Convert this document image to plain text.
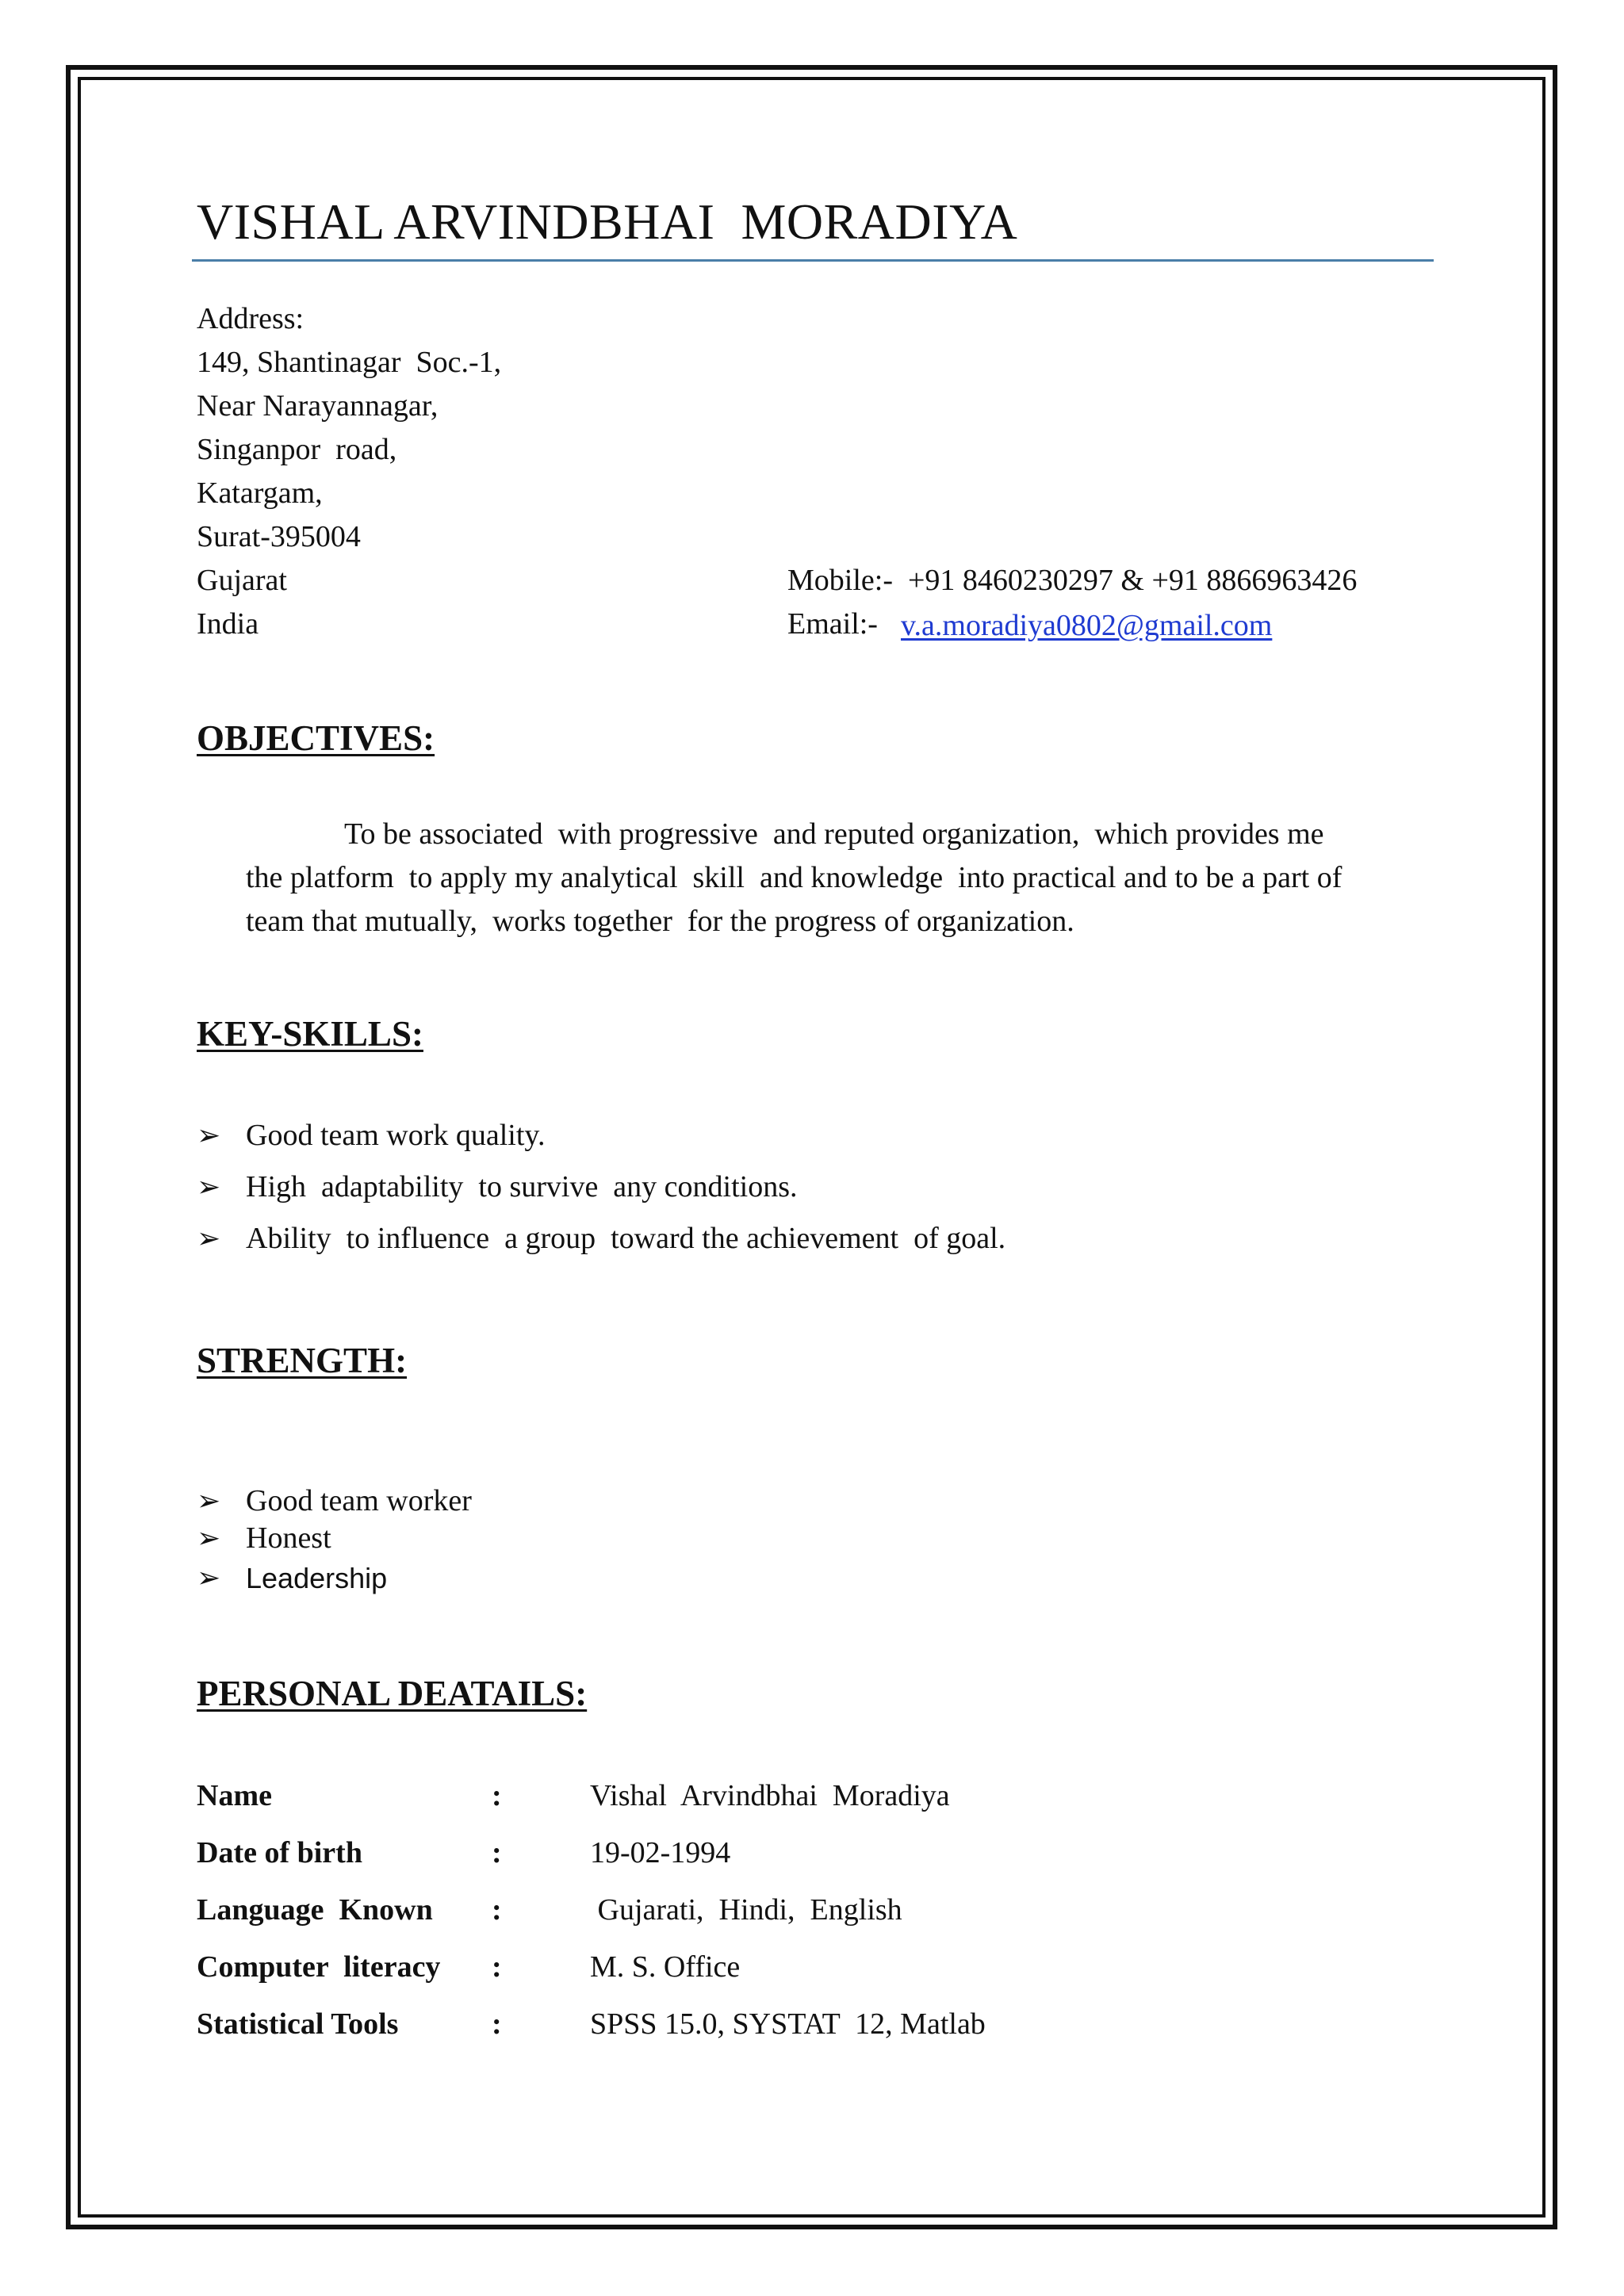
VISHAL ARVINDBHAI  MORADIYA
Address:
149, Shantinagar  Soc.-1,
Near Narayannagar,
Singanpor  road,
Katargam,
Surat-395004
Gujarat
India
Mobile:- +91 8460230297 & +91 8866963426
Email:- v.a.moradiya0802@gmail.com
OBJECTIVES:
To be associated  with progressive  and reputed organization,  which provides me
the platform  to apply my analytical  skill  and knowledge  into practical and to be a part of
team that mutually,  works together  for the progress of organization.
KEY-SKILLS:
➢ Good team work quality.
➢ High  adaptability  to survive  any conditions.
➢ Ability  to influence  a group  toward the achievement  of goal.
STRENGTH:
➢ Good team worker
➢ Honest
➢ Leadership
PERSONAL DEATAILS:
Name	:	Vishal  Arvindbhai  Moradiya
Date of birth	:	19-02-1994
Language  Known :	Gujarati,  Hindi,  English
Computer  literacy :	M. S. Office
Statistical Tools	:	SPSS 15.0, SYSTAT  12, Matlab
